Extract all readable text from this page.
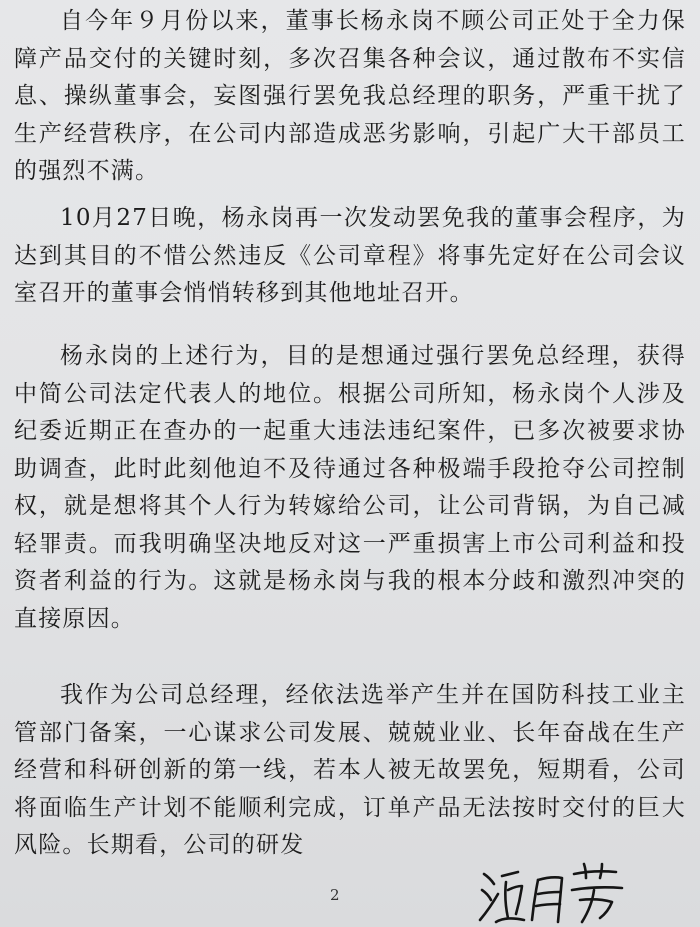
自今年９月份以来，董事长杨永岗不顾公司正处于全力保障产品交付的关键时刻，多次召集各种会议，通过散布不实信息、操纵董事会，妄图强行罢免我总经理的职务，严重干扰了生产经营秩序，在公司内部造成恶劣影响，引起广大干部员工的强烈不满。

10月27日晚，杨永岗再一次发动罢免我的董事会程序，为达到其目的不惜公然违反《公司章程》将事先定好在公司会议室召开的董事会悄悄转移到其他地址召开。

杨永岗的上述行为，目的是想通过强行罢免总经理，获得中简公司法定代表人的地位。根据公司所知，杨永岗个人涉及纪委近期正在查办的一起重大违法违纪案件，已多次被要求协助调查，此时此刻他迫不及待通过各种极端手段抢夺公司控制权，就是想将其个人行为转嫁给公司，让公司背锅，为自己减轻罪责。而我明确坚决地反对这一严重损害上市公司利益和投资者利益的行为。这就是杨永岗与我的根本分歧和激烈冲突的直接原因。

我作为公司总经理，经依法选举产生并在国防科技工业主管部门备案，一心谋求公司发展、兢兢业业、长年奋战在生产经营和科研创新的第一线，若本人被无故罢免，短期看，公司将面临生产计划不能顺利完成，订单产品无法按时交付的巨大风险。长期看，公司的研发

2
